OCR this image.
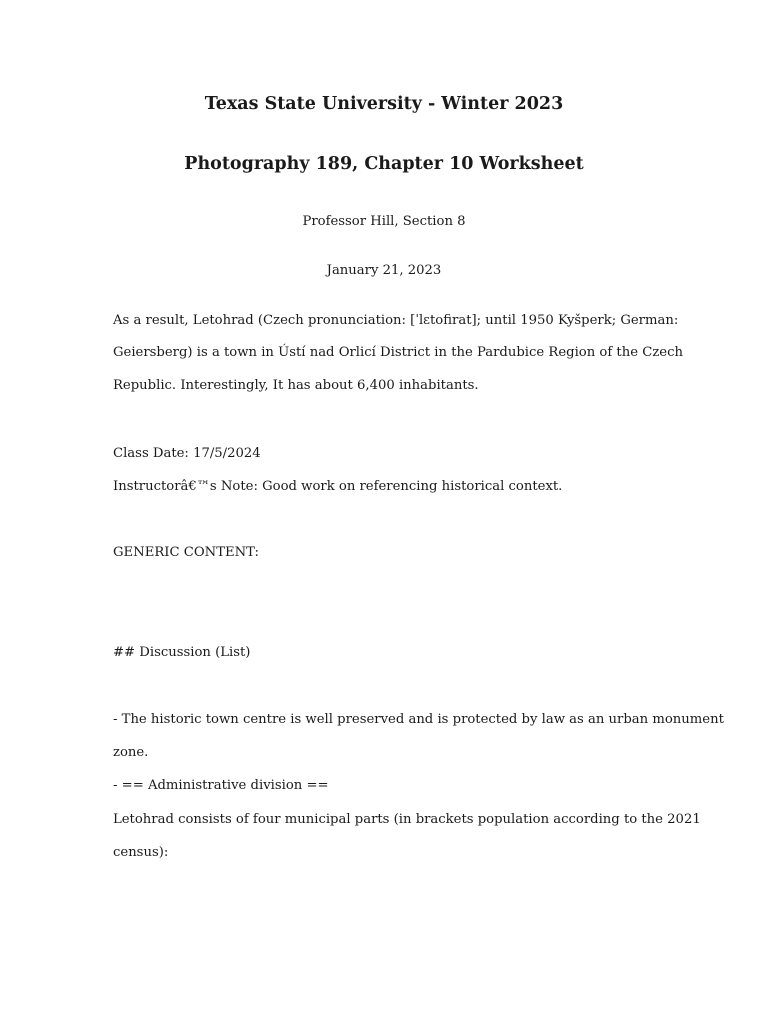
Texas State University - Winter 2023
Photography 189, Chapter 10 Worksheet
Professor Hill, Section 8
January 21, 2023
As a result, Letohrad (Czech pronunciation: [ˈlɛtofirat]; until 1950 Kyšperk; German:
Geiersberg) is a town in Ústí nad Orlicí District in the Pardubice Region of the Czech
Republic. Interestingly, It has about 6,400 inhabitants.
Class Date: 17/5/2024
Instructorâ€™s Note: Good work on referencing historical context.
GENERIC CONTENT:
## Discussion (List)
- The historic town centre is well preserved and is protected by law as an urban monument
zone.
- == Administrative division ==
Letohrad consists of four municipal parts (in brackets population according to the 2021
census):
